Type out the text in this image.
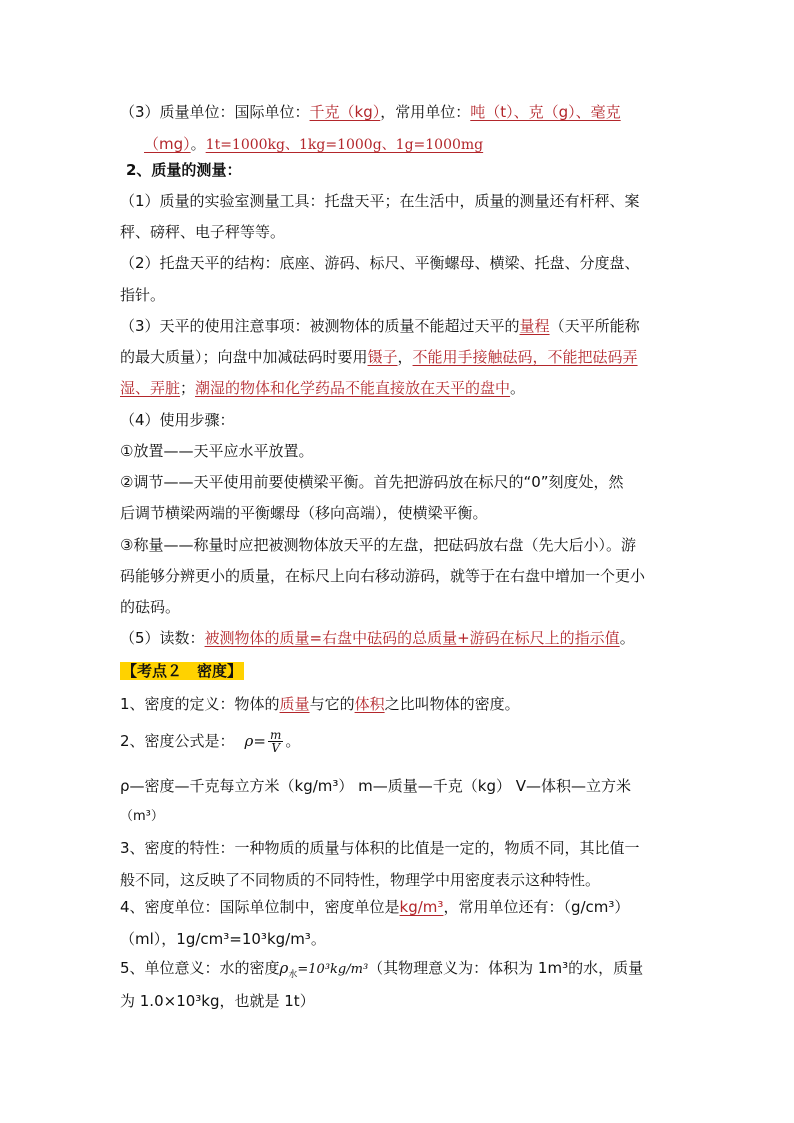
（3）质量单位：国际单位：千克（kg），常用单位：吨（t）、克（g）、毫克
（mg）。1t=1000kg、1kg=1000g、1g=1000mg
2、质量的测量：
（1）质量的实验室测量工具：托盘天平；在生活中，质量的测量还有杆秤、案
秤、磅秤、电子秤等等。
（2）托盘天平的结构：底座、游码、标尺、平衡螺母、横梁、托盘、分度盘、
指针。
（3）天平的使用注意事项：被测物体的质量不能超过天平的量程（天平所能称
的最大质量）；向盘中加减砝码时要用镊子，不能用手接触砝码，不能把砝码弄
湿、弄脏；潮湿的物体和化学药品不能直接放在天平的盘中。
（4）使用步骤：
①放置——天平应水平放置。
②调节——天平使用前要使横梁平衡。首先把游码放在标尺的“0”刻度处，然
后调节横梁两端的平衡螺母（移向高端），使横梁平衡。
③称量——称量时应把被测物体放天平的左盘，把砝码放右盘（先大后小）。游
码能够分辨更小的质量，在标尺上向右移动游码，就等于在右盘中增加一个更小
的砝码。
（5）读数：被测物体的质量=右盘中砝码的总质量+游码在标尺上的指示值。
【考点２　密度】
1、密度的定义：物体的质量与它的体积之比叫物体的密度。
2、密度公式是： $\rho= \frac{m}{V}$ 。
ρ—密度—千克每立方米（kg/m³） m—质量—千克（kg） V—体积—立方米
（m³）
3、密度的特性：一种物质的质量与体积的比值是一定的，物质不同，其比值一
般不同，这反映了不同物质的不同特性，物理学中用密度表示这种特性。
4、密度单位：国际单位制中，密度单位是kg/m³，常用单位还有：（g/cm³）
（ml），1g/cm³=10³kg/m³。
5、单位意义：水的密度$\rho_水=10^3kg/m^3$（其物理意义为：体积为 1m³的水，质量
为 1.0×10³kg，也就是 1t）
